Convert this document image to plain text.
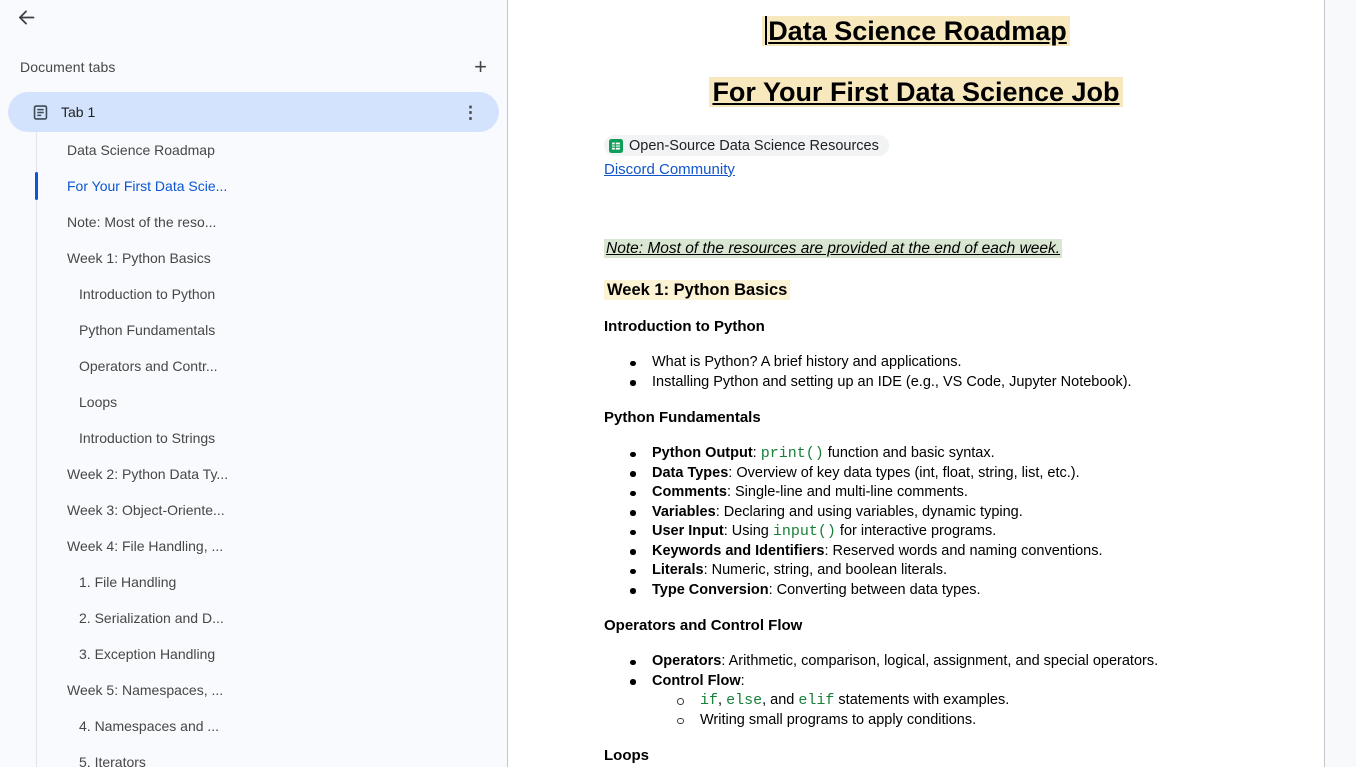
Document tabs	+
Tab 1	⋮
Data Science Roadmap
For Your First Data Scie...
Note: Most of the reso...
Week 1: Python Basics
Introduction to Python
Python Fundamentals
Operators and Contr...
Loops
Introduction to Strings
Week 2: Python Data Ty...
Week 3: Object-Oriente...
Week 4: File Handling, ...
1. File Handling
2. Serialization and D...
3. Exception Handling
Week 5: Namespaces, ...
4. Namespaces and ...
5. Iterators
Data Science Roadmap
For Your First Data Science Job
Open-Source Data Science Resources
Discord Community

Note: Most of the resources are provided at the end of each week.

Week 1: Python Basics
Introduction to Python
What is Python? A brief history and applications.
Installing Python and setting up an IDE (e.g., VS Code, Jupyter Notebook).
Python Fundamentals
Python Output: print() function and basic syntax.
Data Types: Overview of key data types (int, float, string, list, etc.).
Comments: Single-line and multi-line comments.
Variables: Declaring and using variables, dynamic typing.
User Input: Using input() for interactive programs.
Keywords and Identifiers: Reserved words and naming conventions.
Literals: Numeric, string, and boolean literals.
Type Conversion: Converting between data types.
Operators and Control Flow
Operators: Arithmetic, comparison, logical, assignment, and special operators.
Control Flow:
if, else, and elif statements with examples.
Writing small programs to apply conditions.
Loops
